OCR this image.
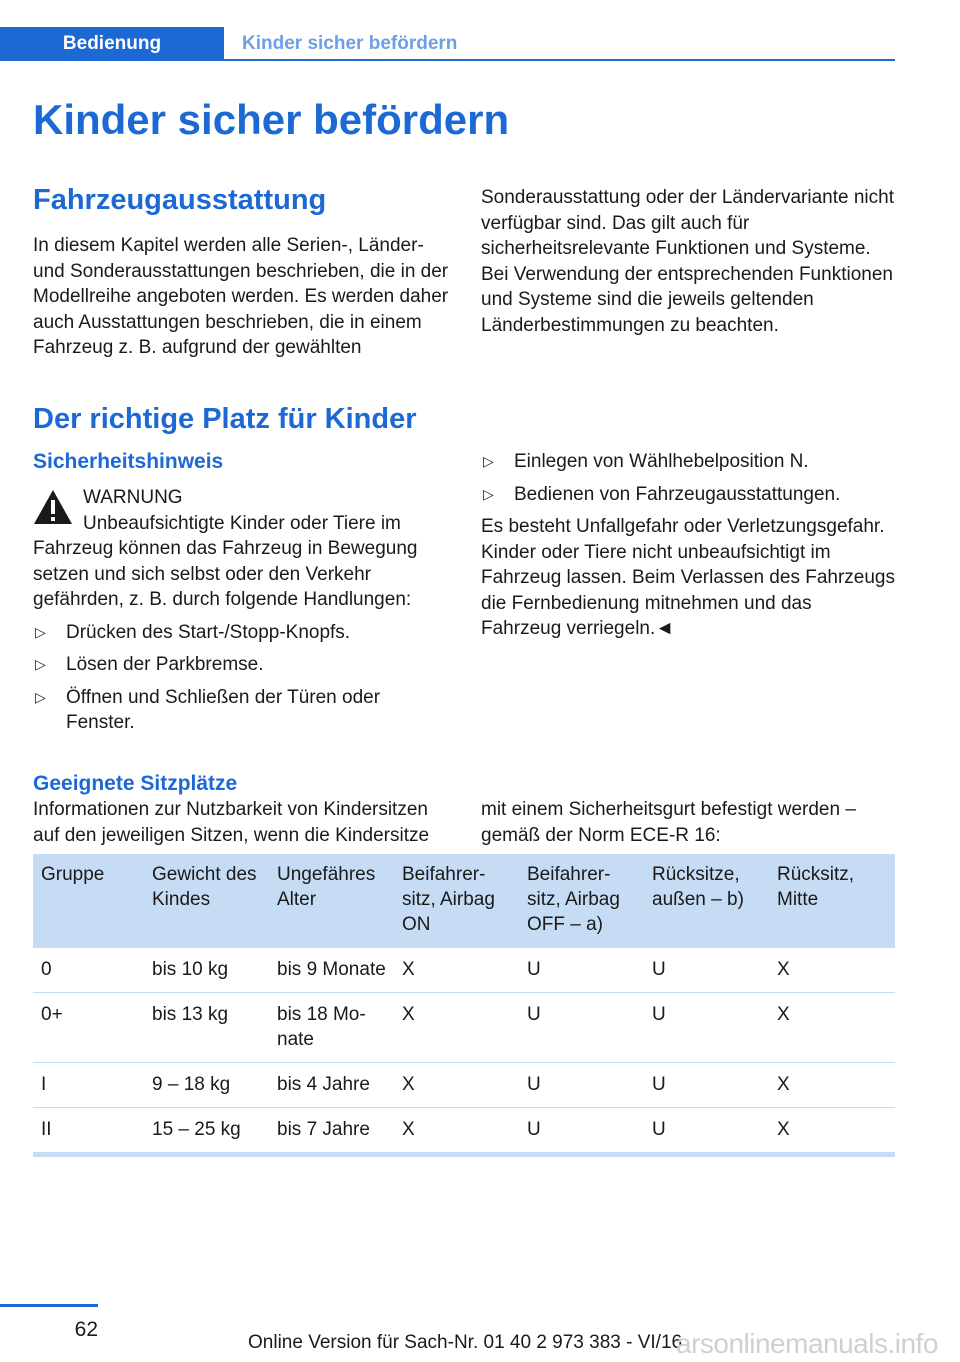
Bedienung	Kinder sicher befördern
Kinder sicher befördern
Fahrzeugausstattung

In diesem Kapitel werden alle Serien-, Länder- und Sonderausstattungen beschrieben, die in der Modellreihe angeboten werden. Es werden daher auch Ausstattungen beschrieben, die in einem Fahrzeug z. B. aufgrund der gewählten

Sonderausstattung oder der Ländervariante nicht verfügbar sind. Das gilt auch für sicherheitsrelevante Funktionen und Systeme. Bei Verwendung der entsprechenden Funktionen und Systeme sind die jeweils geltenden Länderbestimmungen zu beachten.

Der richtige Platz für Kinder
Sicherheitshinweis

WARNUNG

Unbeaufsichtigte Kinder oder Tiere im Fahrzeug können das Fahrzeug in Bewegung setzen und sich selbst oder den Verkehr gefährden, z. B. durch folgende Handlungen:

▷ Drücken des Start-/Stopp-Knopfs.
▷ Lösen der Parkbremse.
▷ Öffnen und Schließen der Türen oder Fenster.
▷ Einlegen von Wählhebelposition N.
▷ Bedienen von Fahrzeugausstattungen.

Es besteht Unfallgefahr oder Verletzungsgefahr. Kinder oder Tiere nicht unbeaufsichtigt im Fahrzeug lassen. Beim Verlassen des Fahrzeugs die Fernbedienung mitnehmen und das Fahrzeug verriegeln.◄

Geeignete Sitzplätze

Informationen zur Nutzbarkeit von Kindersitzen auf den jeweiligen Sitzen, wenn die Kindersitze

mit einem Sicherheitsgurt befestigt werden – gemäß der Norm ECE-R 16:

Gruppe	Gewicht des Kindes	Ungefähres Alter	Beifahrersitz, Airbag ON	Beifahrersitz, Airbag OFF – a)	Rücksitze, außen – b)	Rücksitz, Mitte
0	bis 10 kg	bis 9 Monate	X	U	U	X
0+	bis 13 kg	bis 18 Monate	X	U	U	X
I	9 – 18 kg	bis 4 Jahre	X	U	U	X
II	15 – 25 kg	bis 7 Jahre	X	U	U	X
62
Online Version für Sach-Nr. 01 40 2 973 383 - VI/16
arsonlinemanuals.info
